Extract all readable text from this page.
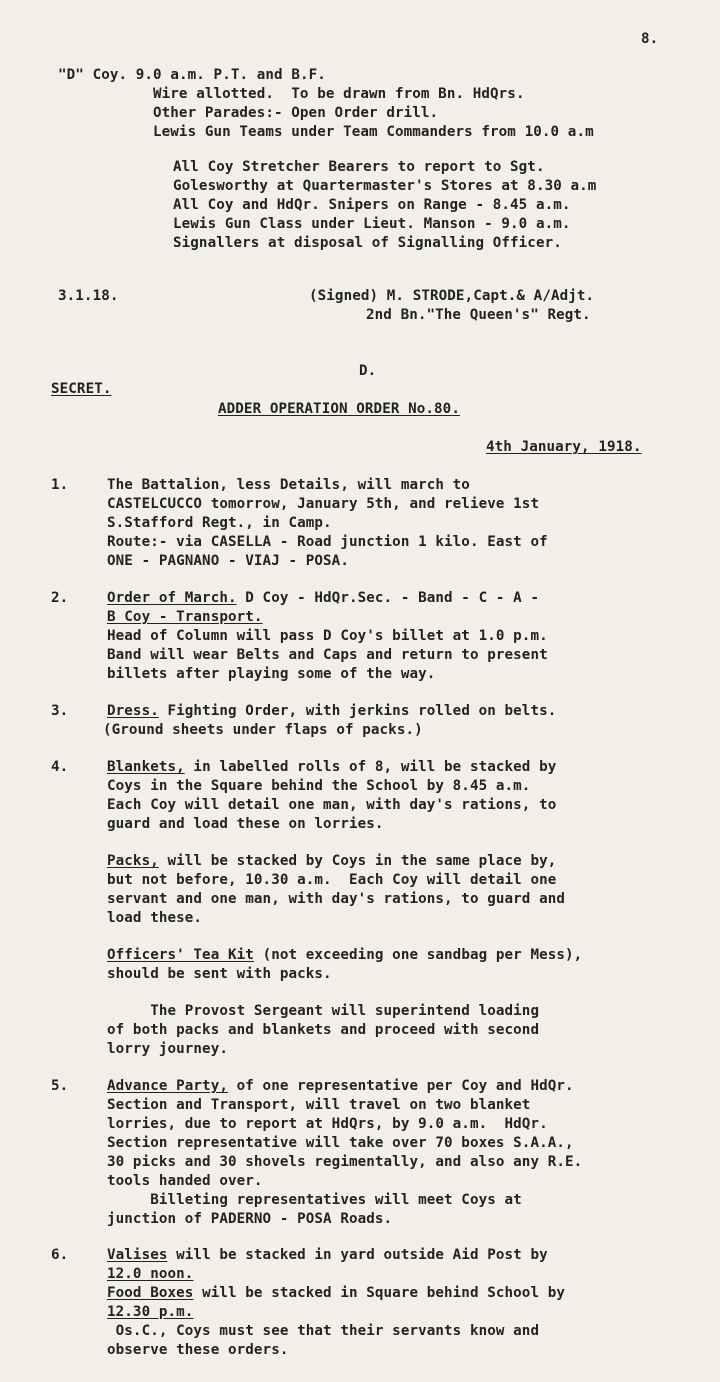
8.
"D" Coy. 9.0 a.m. P.T. and B.F.
Wire allotted.  To be drawn from Bn. HdQrs.
Other Parades:- Open Order drill.
Lewis Gun Teams under Team Commanders from 10.0 a.m
All Coy Stretcher Bearers to report to Sgt.
Golesworthy at Quartermaster's Stores at 8.30 a.m
All Coy and HdQr. Snipers on Range - 8.45 a.m.
Lewis Gun Class under Lieut. Manson - 9.0 a.m.
Signallers at disposal of Signalling Officer.
3.1.18.	(Signed) M. STRODE,Capt.& A/Adjt.
2nd Bn."The Queen's" Regt.
D.
SECRET.
ADDER OPERATION ORDER No.80.
4th January, 1918.
1.	The Battalion, less Details, will march to
CASTELCUCCO tomorrow, January 5th, and relieve 1st
S.Stafford Regt., in Camp.
Route:- via CASELLA - Road junction 1 kilo. East of
ONE - PAGNANO - VIAJ - POSA.
2.	Order of March. D Coy - HdQr.Sec. - Band - C - A -
B Coy - Transport.
Head of Column will pass D Coy's billet at 1.0 p.m.
Band will wear Belts and Caps and return to present
billets after playing some of the way.
3.	Dress. Fighting Order, with jerkins rolled on belts.
(Ground sheets under flaps of packs.)
4.	Blankets, in labelled rolls of 8, will be stacked by
Coys in the Square behind the School by 8.45 a.m.
Each Coy will detail one man, with day's rations, to
guard and load these on lorries.
Packs, will be stacked by Coys in the same place by,
but not before, 10.30 a.m.  Each Coy will detail one
servant and one man, with day's rations, to guard and
load these.
Officers' Tea Kit (not exceeding one sandbag per Mess),
should be sent with packs.
The Provost Sergeant will superintend loading
of both packs and blankets and proceed with second
lorry journey.
5.	Advance Party, of one representative per Coy and HdQr.
Section and Transport, will travel on two blanket
lorries, due to report at HdQrs, by 9.0 a.m.  HdQr.
Section representative will take over 70 boxes S.A.A.,
30 picks and 30 shovels regimentally, and also any R.E.
tools handed over.
Billeting representatives will meet Coys at
junction of PADERNO - POSA Roads.
6.	Valises will be stacked in yard outside Aid Post by
12.0 noon.
Food Boxes will be stacked in Square behind School by
12.30 p.m.
Os.C., Coys must see that their servants know and
observe these orders.
